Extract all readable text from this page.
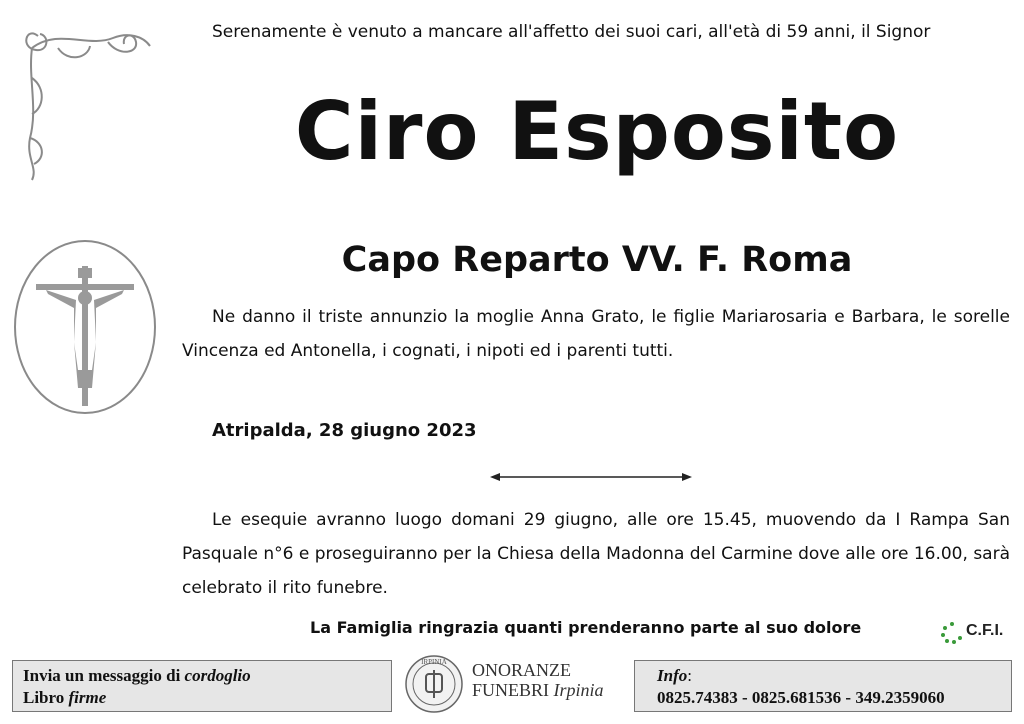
Serenamente è venuto a mancare all'affetto dei suoi cari, all'età di 59 anni, il Signor
Ciro Esposito
Capo Reparto VV. F. Roma
Ne danno il triste annunzio la moglie Anna Grato, le figlie Mariarosaria e Barbara, le sorelle Vincenza ed Antonella, i cognati, i nipoti ed i parenti tutti.
Atripalda, 28 giugno 2023
Le esequie avranno luogo domani 29 giugno, alle ore 15.45, muovendo da I Rampa San Pasquale n°6 e proseguiranno per la Chiesa della Madonna del Carmine dove alle ore 16.00, sarà celebrato il rito funebre.
La Famiglia ringrazia quanti prenderanno parte al suo dolore	C.F.I.
Invia un messaggio di cordoglio
Libro firme
IRPINIA ONORANZE
FUNEBRI Irpinia
Info:
0825.74383 - 0825.681536 - 349.2359060
